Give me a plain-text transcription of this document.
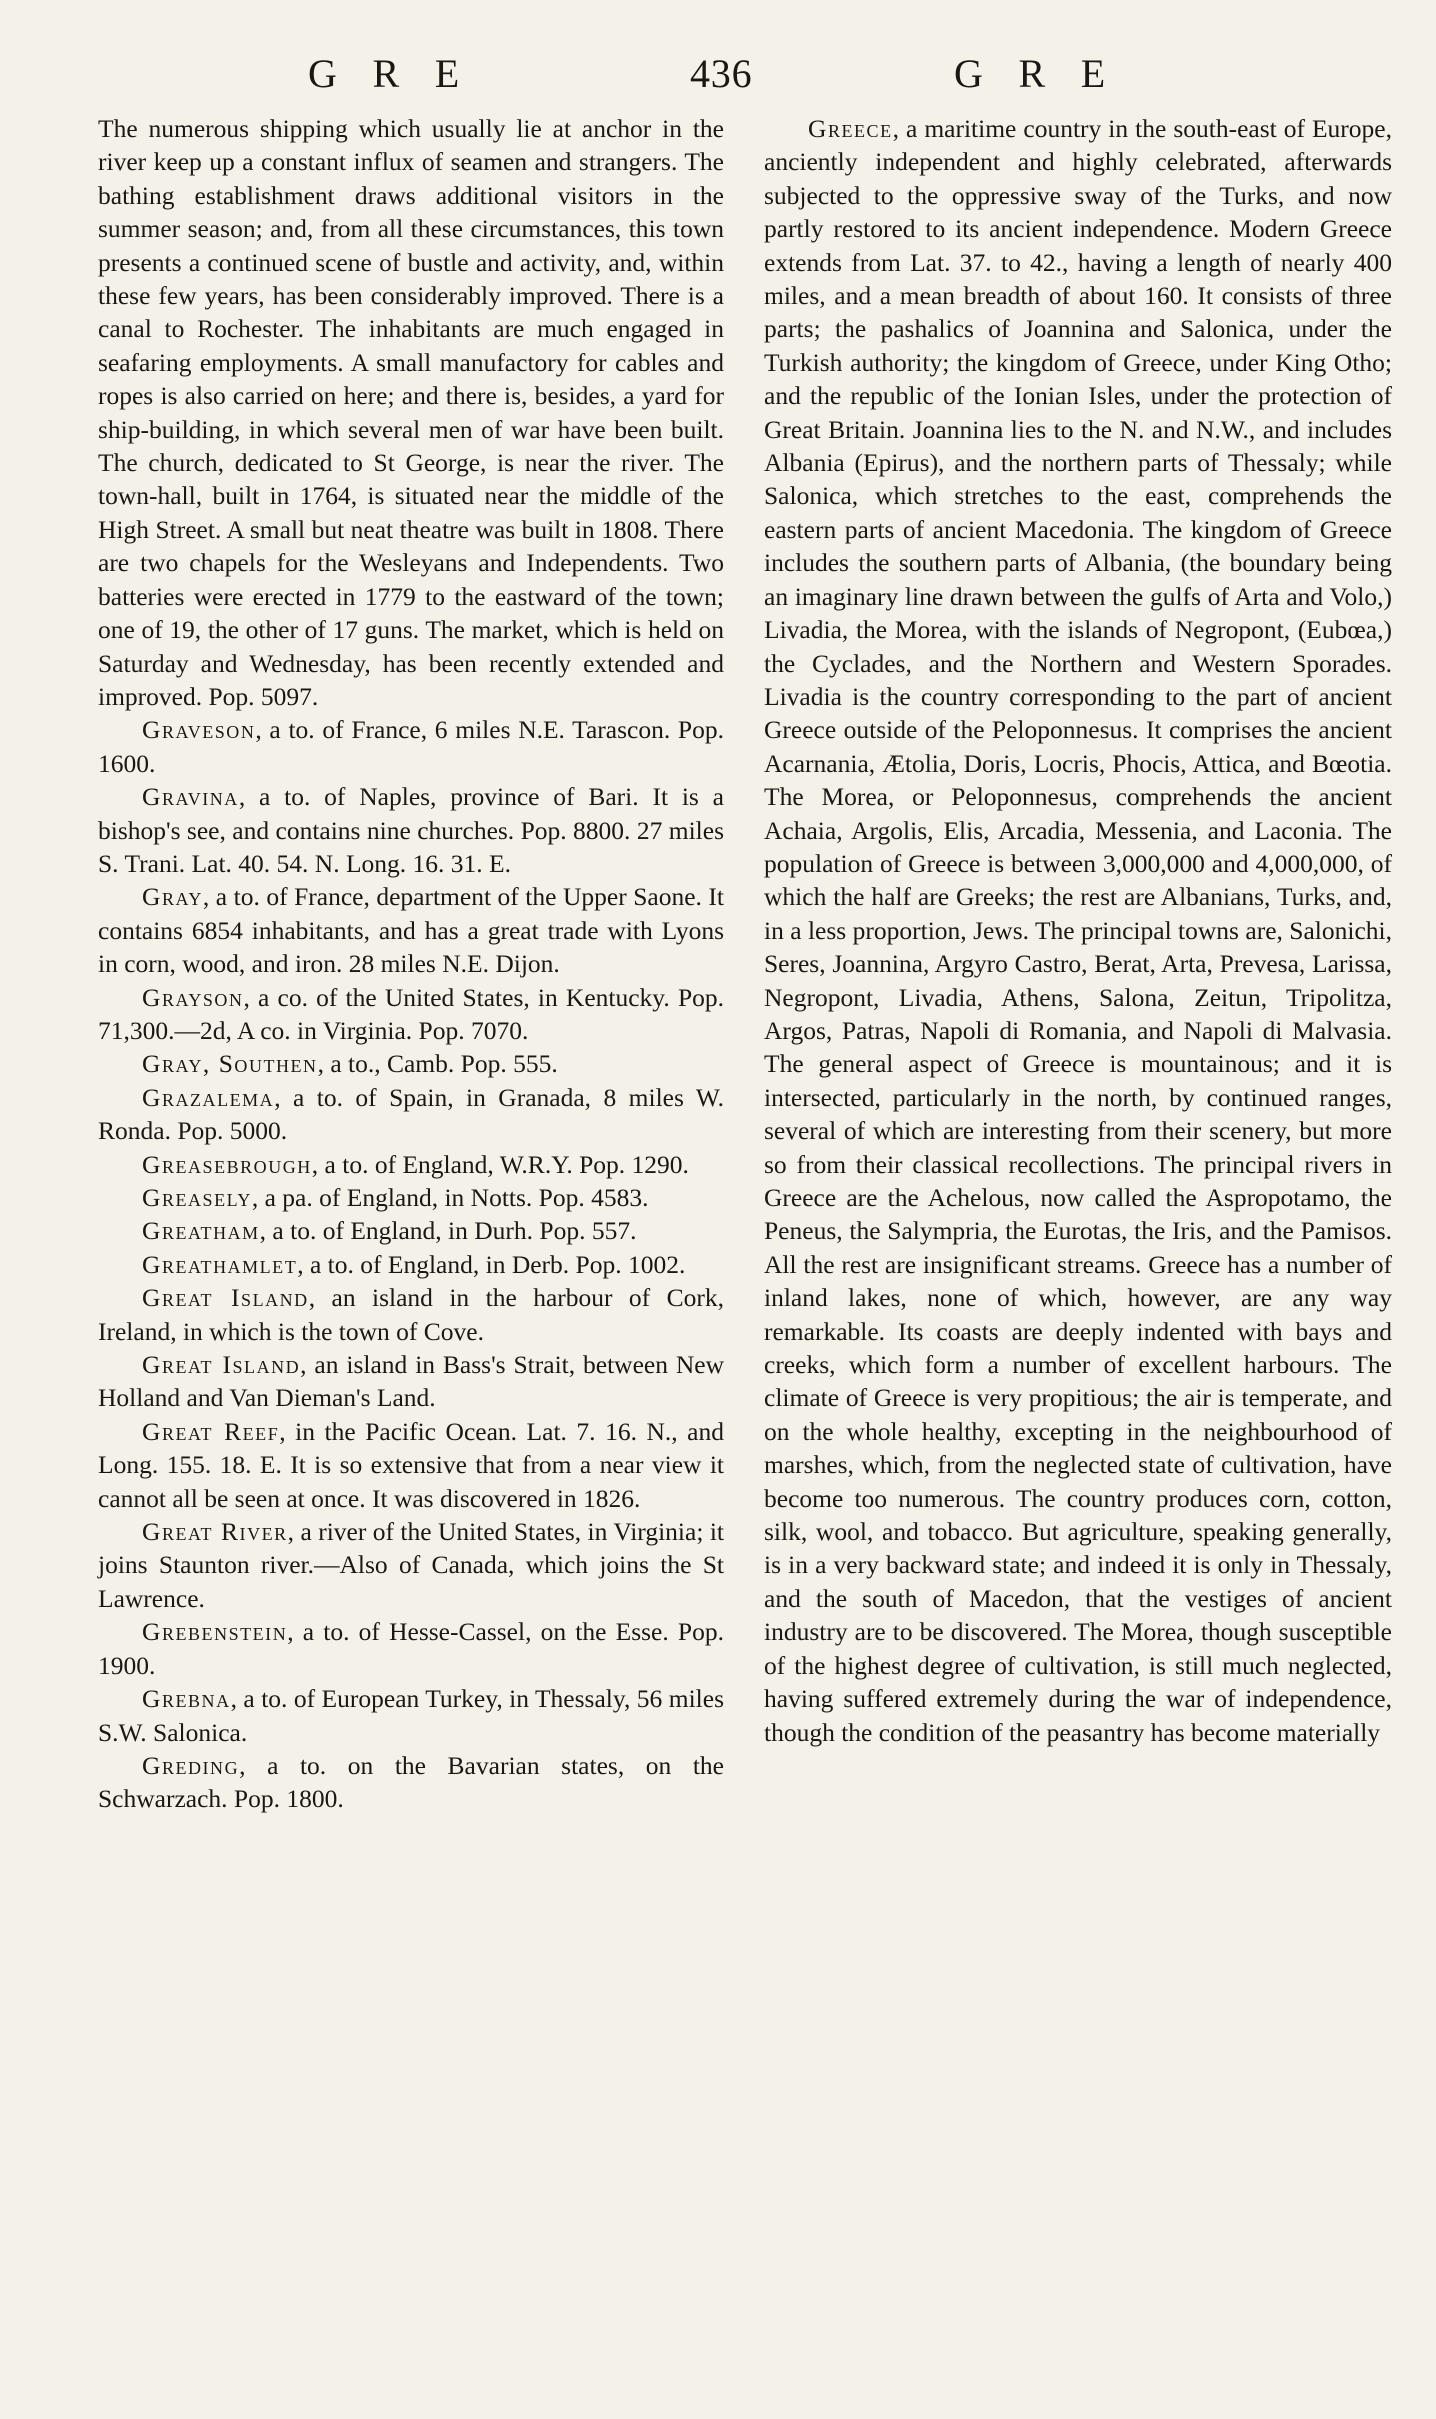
G R E	436	G R E

The numerous shipping which usually lie at anchor in the river keep up a constant influx of seamen and strangers. The bathing establishment draws additional visitors in the summer season; and, from all these circumstances, this town presents a continued scene of bustle and activity, and, within these few years, has been considerably improved. There is a canal to Rochester. The inhabitants are much engaged in seafaring employments. A small manufactory for cables and ropes is also carried on here; and there is, besides, a yard for ship-building, in which several men of war have been built. The church, dedicated to St George, is near the river. The town-hall, built in 1764, is situated near the middle of the High Street. A small but neat theatre was built in 1808. There are two chapels for the Wesleyans and Independents. Two batteries were erected in 1779 to the eastward of the town; one of 19, the other of 17 guns. The market, which is held on Saturday and Wednesday, has been recently extended and improved. Pop. 5097.

Graveson, a to. of France, 6 miles N.E. Tarascon. Pop. 1600.

Gravina, a to. of Naples, province of Bari. It is a bishop's see, and contains nine churches. Pop. 8800. 27 miles S. Trani. Lat. 40. 54. N. Long. 16. 31. E.

Gray, a to. of France, department of the Upper Saone. It contains 6854 inhabitants, and has a great trade with Lyons in corn, wood, and iron. 28 miles N.E. Dijon.

Grayson, a co. of the United States, in Kentucky. Pop. 71,300.—2d, A co. in Virginia. Pop. 7070.

Gray, Southen, a to., Camb. Pop. 555.

Grazalema, a to. of Spain, in Granada, 8 miles W. Ronda. Pop. 5000.

Greasebrough, a to. of England, W.R.Y. Pop. 1290.

Greasely, a pa. of England, in Notts. Pop. 4583.

Greatham, a to. of England, in Durh. Pop. 557.

Greathamlet, a to. of England, in Derb. Pop. 1002.

Great Island, an island in the harbour of Cork, Ireland, in which is the town of Cove.

Great Island, an island in Bass's Strait, between New Holland and Van Dieman's Land.

Great Reef, in the Pacific Ocean. Lat. 7. 16. N., and Long. 155. 18. E. It is so extensive that from a near view it cannot all be seen at once. It was discovered in 1826.

Great River, a river of the United States, in Virginia; it joins Staunton river.—Also of Canada, which joins the St Lawrence.

Grebenstein, a to. of Hesse-Cassel, on the Esse. Pop. 1900.

Grebna, a to. of European Turkey, in Thessaly, 56 miles S.W. Salonica.

Greding, a to. on the Bavarian states, on the Schwarzach. Pop. 1800.

Greece, a maritime country in the south-east of Europe, anciently independent and highly celebrated, afterwards subjected to the oppressive sway of the Turks, and now partly restored to its ancient independence. Modern Greece extends from Lat. 37. to 42., having a length of nearly 400 miles, and a mean breadth of about 160. It consists of three parts; the pashalics of Joannina and Salonica, under the Turkish authority; the kingdom of Greece, under King Otho; and the republic of the Ionian Isles, under the protection of Great Britain. Joannina lies to the N. and N.W., and includes Albania (Epirus), and the northern parts of Thessaly; while Salonica, which stretches to the east, comprehends the eastern parts of ancient Macedonia. The kingdom of Greece includes the southern parts of Albania, (the boundary being an imaginary line drawn between the gulfs of Arta and Volo,) Livadia, the Morea, with the islands of Negropont, (Eubœa,) the Cyclades, and the Northern and Western Sporades. Livadia is the country corresponding to the part of ancient Greece outside of the Peloponnesus. It comprises the ancient Acarnania, Ætolia, Doris, Locris, Phocis, Attica, and Bœotia. The Morea, or Peloponnesus, comprehends the ancient Achaia, Argolis, Elis, Arcadia, Messenia, and Laconia. The population of Greece is between 3,000,000 and 4,000,000, of which the half are Greeks; the rest are Albanians, Turks, and, in a less proportion, Jews. The principal towns are, Salonichi, Seres, Joannina, Argyro Castro, Berat, Arta, Prevesa, Larissa, Negropont, Livadia, Athens, Salona, Zeitun, Tripolitza, Argos, Patras, Napoli di Romania, and Napoli di Malvasia. The general aspect of Greece is mountainous; and it is intersected, particularly in the north, by continued ranges, several of which are interesting from their scenery, but more so from their classical recollections. The principal rivers in Greece are the Achelous, now called the Aspropotamo, the Peneus, the Salympria, the Eurotas, the Iris, and the Pamisos. All the rest are insignificant streams. Greece has a number of inland lakes, none of which, however, are any way remarkable. Its coasts are deeply indented with bays and creeks, which form a number of excellent harbours. The climate of Greece is very propitious; the air is temperate, and on the whole healthy, excepting in the neighbourhood of marshes, which, from the neglected state of cultivation, have become too numerous. The country produces corn, cotton, silk, wool, and tobacco. But agriculture, speaking generally, is in a very backward state; and indeed it is only in Thessaly, and the south of Macedon, that the vestiges of ancient industry are to be discovered. The Morea, though susceptible of the highest degree of cultivation, is still much neglected, having suffered extremely during the war of independence, though the condition of the peasantry has become materially
